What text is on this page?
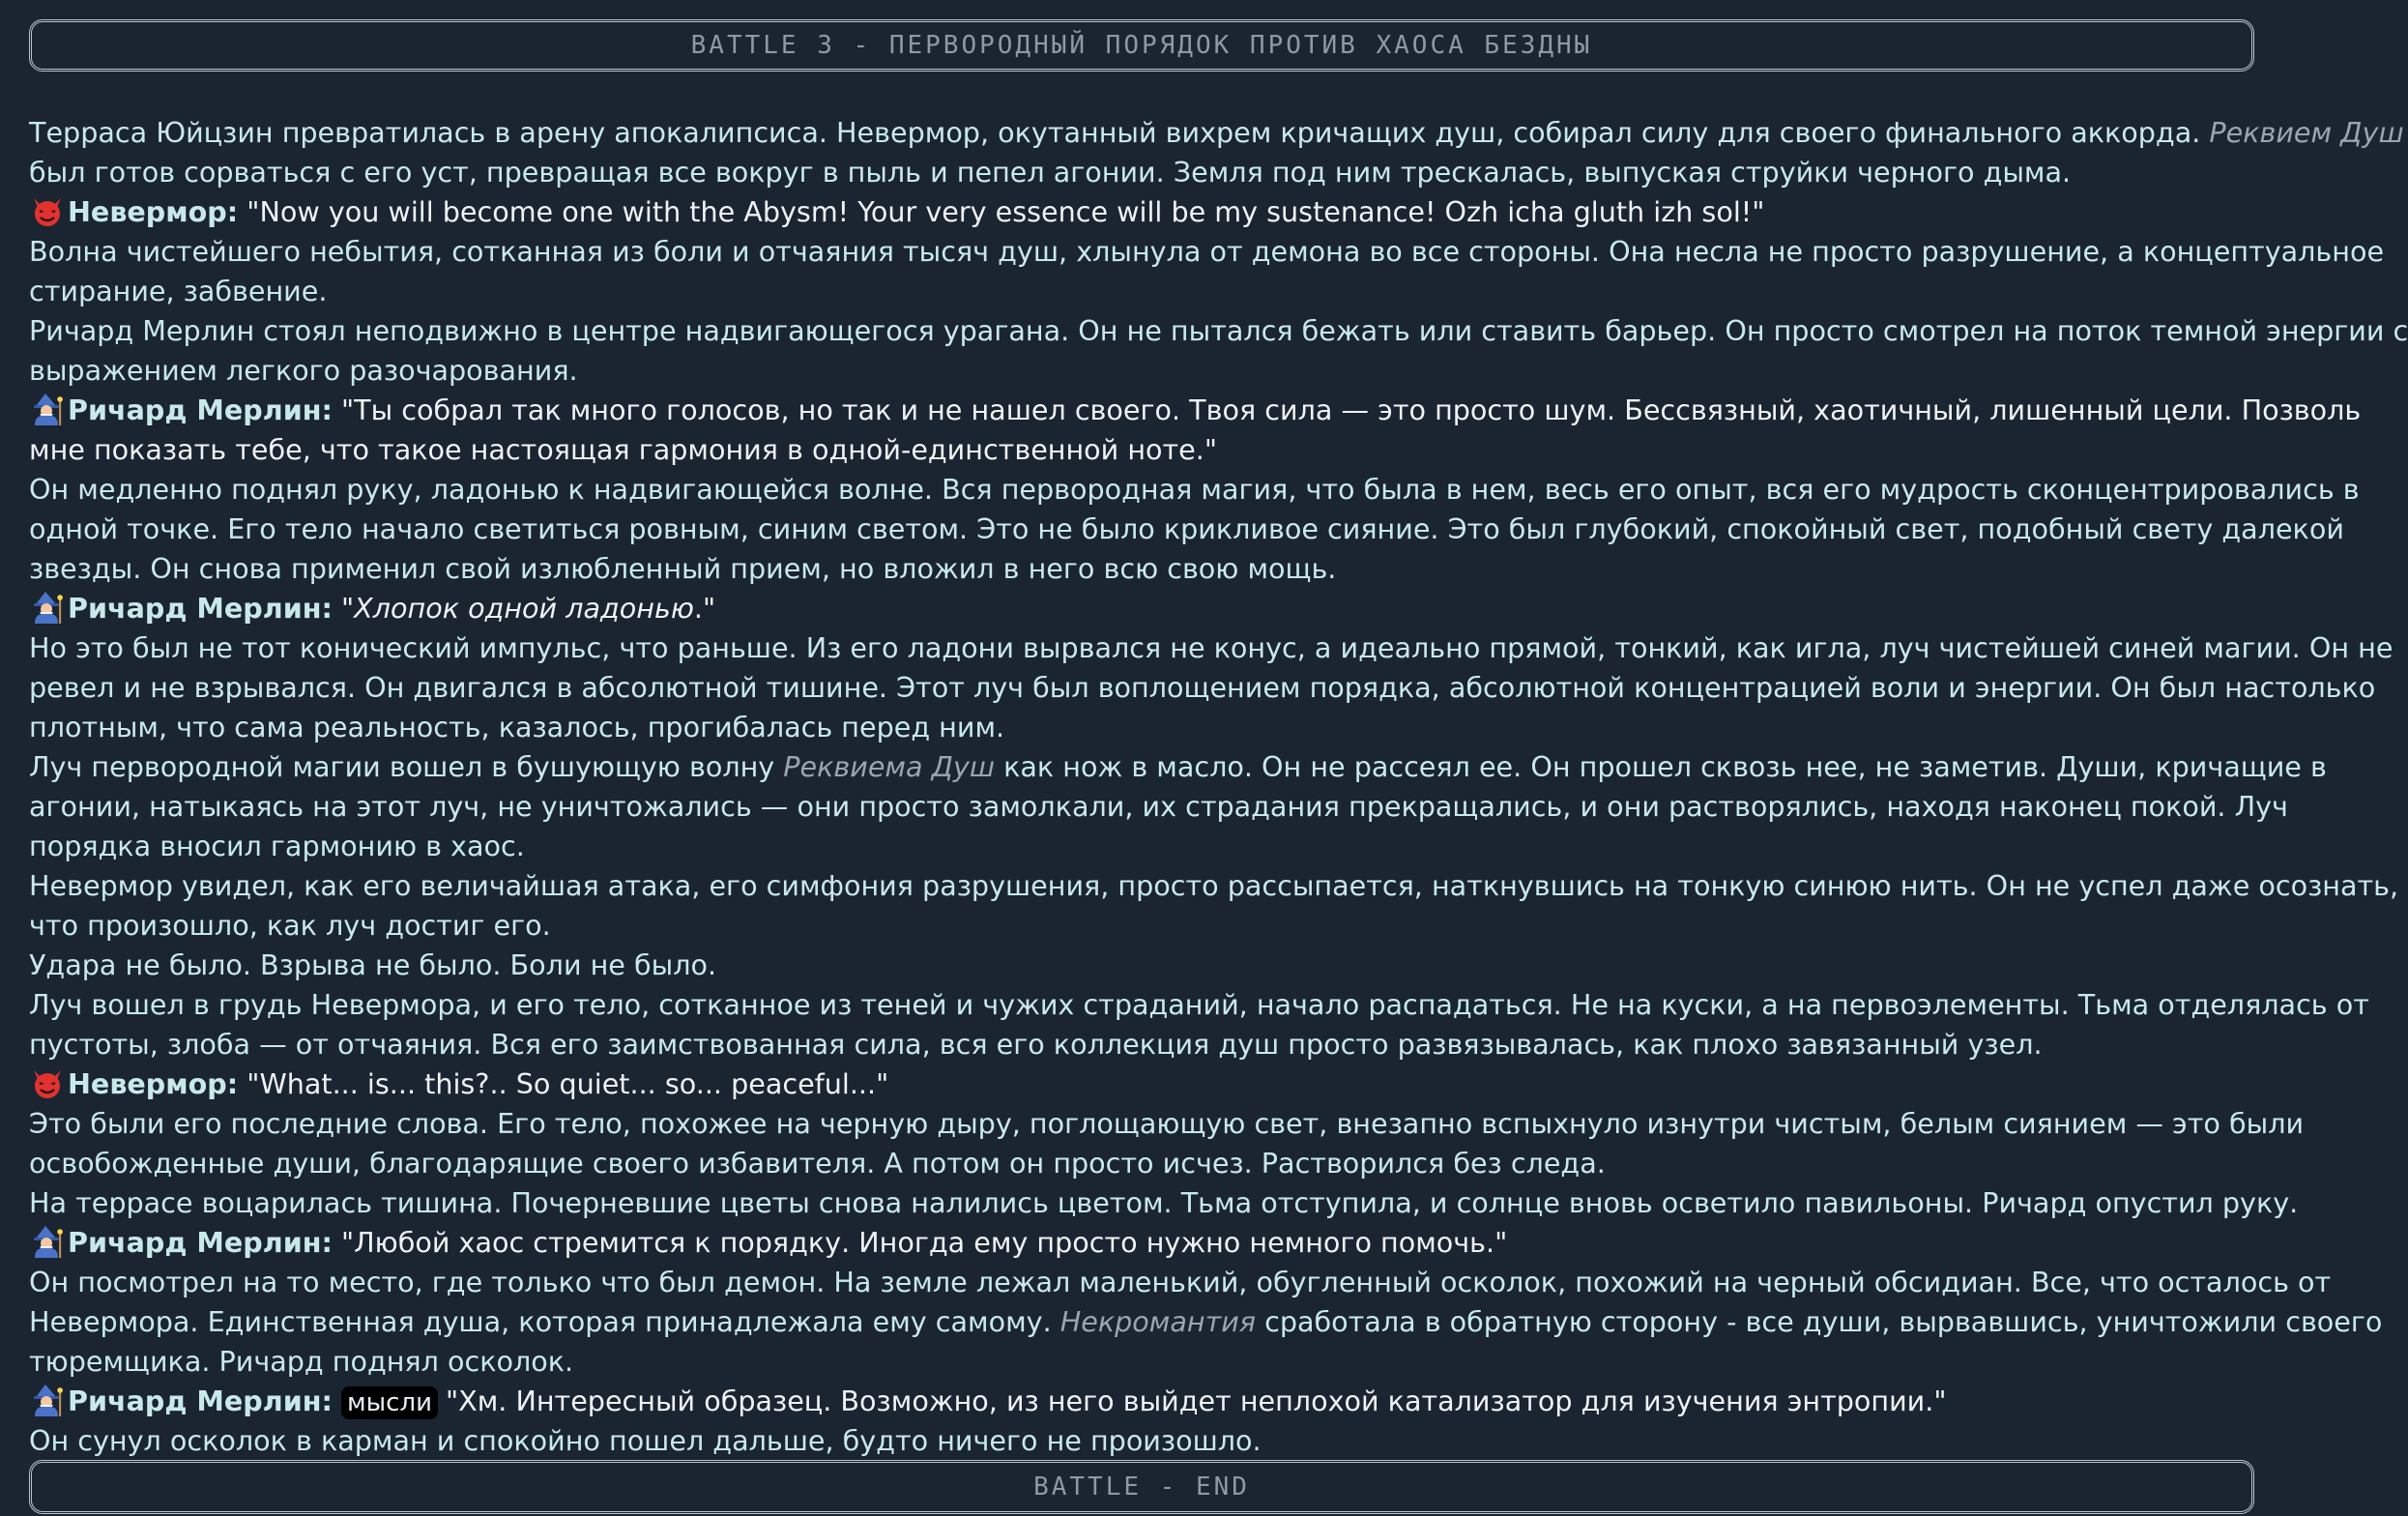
BATTLE 3 - ПЕРВОРОДНЫЙ ПОРЯДОК ПРОТИВ ХАОСА БЕЗДНЫ

Терраса Юйцзин превратилась в арену апокалипсиса. Невермор, окутанный вихрем кричащих душ, собирал силу для своего финального аккорда. Реквием Душ

был готов сорваться с его уст, превращая все вокруг в пыль и пепел агонии. Земля под ним трескалась, выпуская струйки черного дыма.

Невермор: "Now you will become one with the Abysm! Your very essence will be my sustenance! Ozh icha gluth izh sol!"

Волна чистейшего небытия, сотканная из боли и отчаяния тысяч душ, хлынула от демона во все стороны. Она несла не просто разрушение, а концептуальное

стирание, забвение.

Ричард Мерлин стоял неподвижно в центре надвигающегося урагана. Он не пытался бежать или ставить барьер. Он просто смотрел на поток темной энергии с

выражением легкого разочарования.

Ричард Мерлин: "Ты собрал так много голосов, но так и не нашел своего. Твоя сила — это просто шум. Бессвязный, хаотичный, лишенный цели. Позволь

мне показать тебе, что такое настоящая гармония в одной-единственной ноте."

Он медленно поднял руку, ладонью к надвигающейся волне. Вся первородная магия, что была в нем, весь его опыт, вся его мудрость сконцентрировались в

одной точке. Его тело начало светиться ровным, синим светом. Это не было крикливое сияние. Это был глубокий, спокойный свет, подобный свету далекой

звезды. Он снова применил свой излюбленный прием, но вложил в него всю свою мощь.

Ричард Мерлин: "Хлопок одной ладонью."

Но это был не тот конический импульс, что раньше. Из его ладони вырвался не конус, а идеально прямой, тонкий, как игла, луч чистейшей синей магии. Он не

ревел и не взрывался. Он двигался в абсолютной тишине. Этот луч был воплощением порядка, абсолютной концентрацией воли и энергии. Он был настолько

плотным, что сама реальность, казалось, прогибалась перед ним.

Луч первородной магии вошел в бушующую волну Реквиема Душ как нож в масло. Он не рассеял ее. Он прошел сквозь нее, не заметив. Души, кричащие в

агонии, натыкаясь на этот луч, не уничтожались — они просто замолкали, их страдания прекращались, и они растворялись, находя наконец покой. Луч

порядка вносил гармонию в хаос.

Невермор увидел, как его величайшая атака, его симфония разрушения, просто рассыпается, наткнувшись на тонкую синюю нить. Он не успел даже осознать,

что произошло, как луч достиг его.

Удара не было. Взрыва не было. Боли не было.

Луч вошел в грудь Невермора, и его тело, сотканное из теней и чужих страданий, начало распадаться. Не на куски, а на первоэлементы. Тьма отделялась от

пустоты, злоба — от отчаяния. Вся его заимствованная сила, вся его коллекция душ просто развязывалась, как плохо завязанный узел.

Невермор: "What... is... this?.. So quiet... so... peaceful..."

Это были его последние слова. Его тело, похожее на черную дыру, поглощающую свет, внезапно вспыхнуло изнутри чистым, белым сиянием — это были

освобожденные души, благодарящие своего избавителя. А потом он просто исчез. Растворился без следа.

На террасе воцарилась тишина. Почерневшие цветы снова налились цветом. Тьма отступила, и солнце вновь осветило павильоны. Ричард опустил руку.

Ричард Мерлин: "Любой хаос стремится к порядку. Иногда ему просто нужно немного помочь."

Он посмотрел на то место, где только что был демон. На земле лежал маленький, обугленный осколок, похожий на черный обсидиан. Все, что осталось от

Невермора. Единственная душа, которая принадлежала ему самому. Некромантия сработала в обратную сторону - все души, вырвавшись, уничтожили своего

тюремщика. Ричард поднял осколок.

Ричард Мерлин: мысли "Хм. Интересный образец. Возможно, из него выйдет неплохой катализатор для изучения энтропии."

Он сунул осколок в карман и спокойно пошел дальше, будто ничего не произошло.

BATTLE - END
